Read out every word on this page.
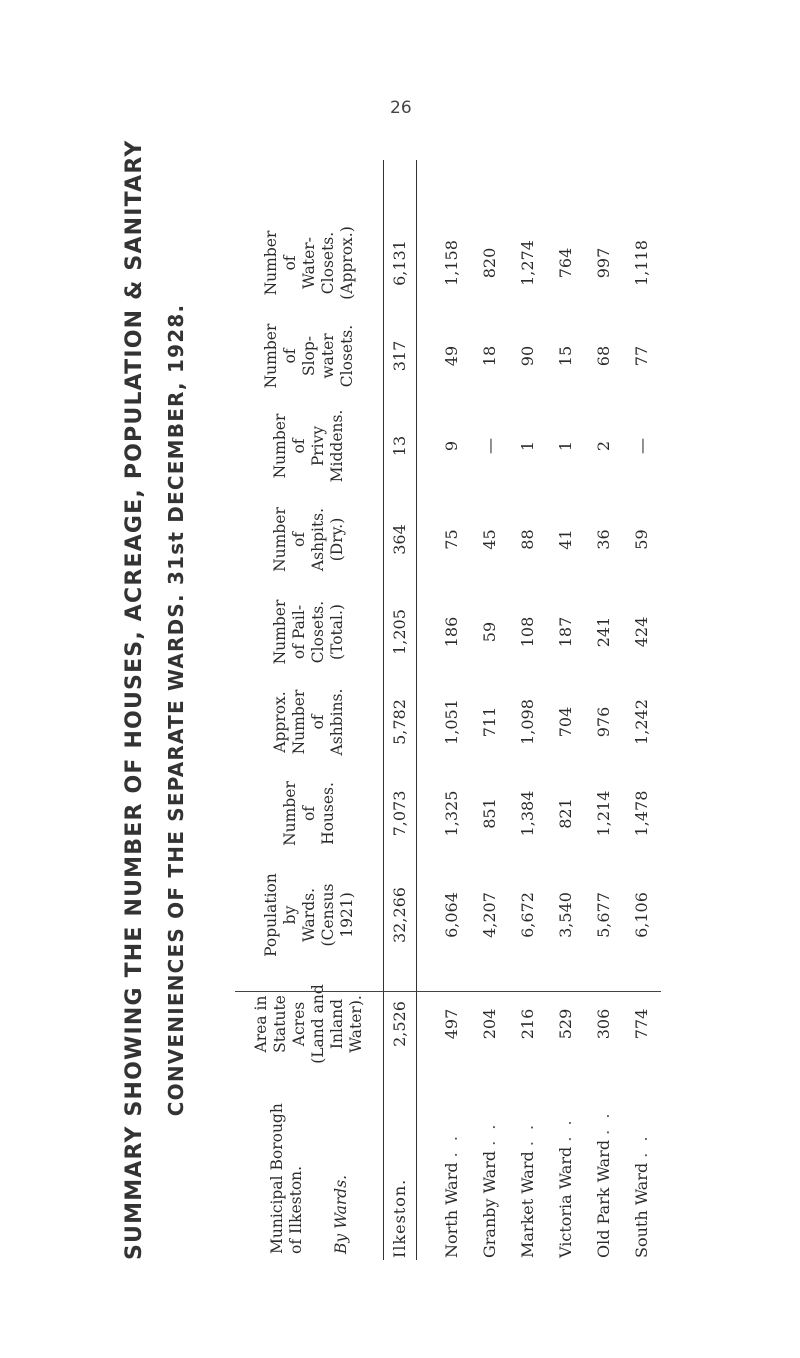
26
SUMMARY SHOWING THE NUMBER OF HOUSES, ACREAGE, POPULATION & SANITARY CONVENIENCES OF THE SEPARATE WARDS. 31st DECEMBER, 1928.
Municipal Borough of Ilkeston. By Wards.
Area in Statute Acres (Land and Inland Water).
Population by Wards. (Census 1921)
Number of Houses.
Approx. Number of Ashbins.
Number of Pail- Closets. (Total.)
Number of Ashpits. (Dry.)
Number of Privy Middens.
Number of Slop- water Closets.
Number of Water- Closets. (Approx.)
Ilkeston.
2,526
32,266
7,073
5,782
1,205
364
13
317
6,131
North Ward . .
497
6,064
1,325
1,051
186
75
9
49
1,158
Granby Ward . .
204
4,207
851
711
59
45
—
18
820
Market Ward . .
216
6,672
1,384
1,098
108
88
1
90
1,274
Victoria Ward . .
529
3,540
821
704
187
41
1
15
764
Old Park Ward . .
306
5,677
1,214
976
241
36
2
68
997
South Ward . .
774
6,106
1,478
1,242
424
59
—
77
1,118
